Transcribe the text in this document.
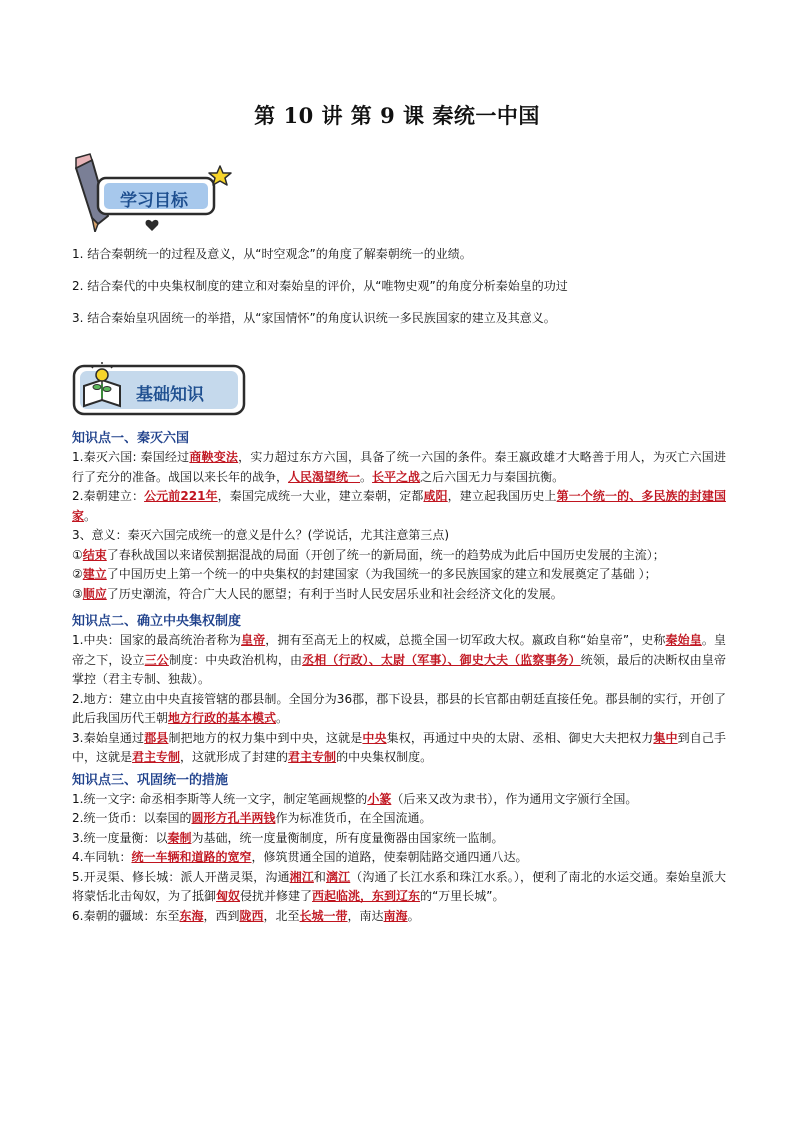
第 10 讲 第 9 课 秦统一中国
学习目标

1. 结合秦朝统一的过程及意义，从“时空观念”的角度了解秦朝统一的业绩。

2. 结合秦代的中央集权制度的建立和对秦始皇的评价，从“唯物史观”的角度分析秦始皇的功过

3. 结合秦始皇巩固统一的举措，从“家国情怀”的角度认识统一多民族国家的建立及其意义。

基础知识
知识点一、秦灭六国
1.秦灭六国: 秦国经过商鞅变法，实力超过东方六国，具备了统一六国的条件。秦王嬴政雄才大略善于用人，为灭亡六国进行了充分的准备。战国以来长年的战争，人民渴望统一。长平之战之后六国无力与秦国抗衡。
2.秦朝建立：公元前221年，秦国完成统一大业，建立秦朝，定都咸阳，建立起我国历史上第一个统一的、多民族的封建国家。
3、意义：秦灭六国完成统一的意义是什么？(学说话，尤其注意第三点)
①结束了春秋战国以来诸侯割据混战的局面（开创了统一的新局面，统一的趋势成为此后中国历史发展的主流）；
②建立了中国历史上第一个统一的中央集权的封建国家（为我国统一的多民族国家的建立和发展奠定了基础 ）；
③顺应了历史潮流，符合广大人民的愿望；有利于当时人民安居乐业和社会经济文化的发展。
知识点二、确立中央集权制度
1.中央：国家的最高统治者称为皇帝，拥有至高无上的权威，总揽全国一切军政大权。嬴政自称“始皇帝”，史称秦始皇。皇帝之下，设立三公制度：中央政治机构，由丞相（行政）、太尉（军事）、御史大夫（监察事务）统领，最后的决断权由皇帝掌控（君主专制、独裁）。
2.地方：建立由中央直接管辖的郡县制。全国分为36郡，郡下设县，郡县的长官都由朝廷直接任免。郡县制的实行，开创了此后我国历代王朝地方行政的基本模式。
3.秦始皇通过郡县制把地方的权力集中到中央，这就是中央集权，再通过中央的太尉、丞相、御史大夫把权力集中到自己手中，这就是君主专制，这就形成了封建的君主专制的中央集权制度。
知识点三、巩固统一的措施
1.统一文字: 命丞相李斯等人统一文字，制定笔画规整的小篆（后来又改为隶书），作为通用文字颁行全国。
2.统一货币：以秦国的圆形方孔半两钱作为标准货币，在全国流通。
3.统一度量衡：以秦制为基础，统一度量衡制度，所有度量衡器由国家统一监制。
4.车同轨：统一车辆和道路的宽窄，修筑贯通全国的道路，使秦朝陆路交通四通八达。
5.开灵渠、修长城：派人开凿灵渠，沟通湘江和漓江（沟通了长江水系和珠江水系。），便利了南北的水运交通。秦始皇派大将蒙恬北击匈奴，为了抵御匈奴侵扰并修建了西起临洮，东到辽东的“万里长城”。
6.秦朝的疆域：东至东海，西到陇西，北至长城一带，南达南海。
